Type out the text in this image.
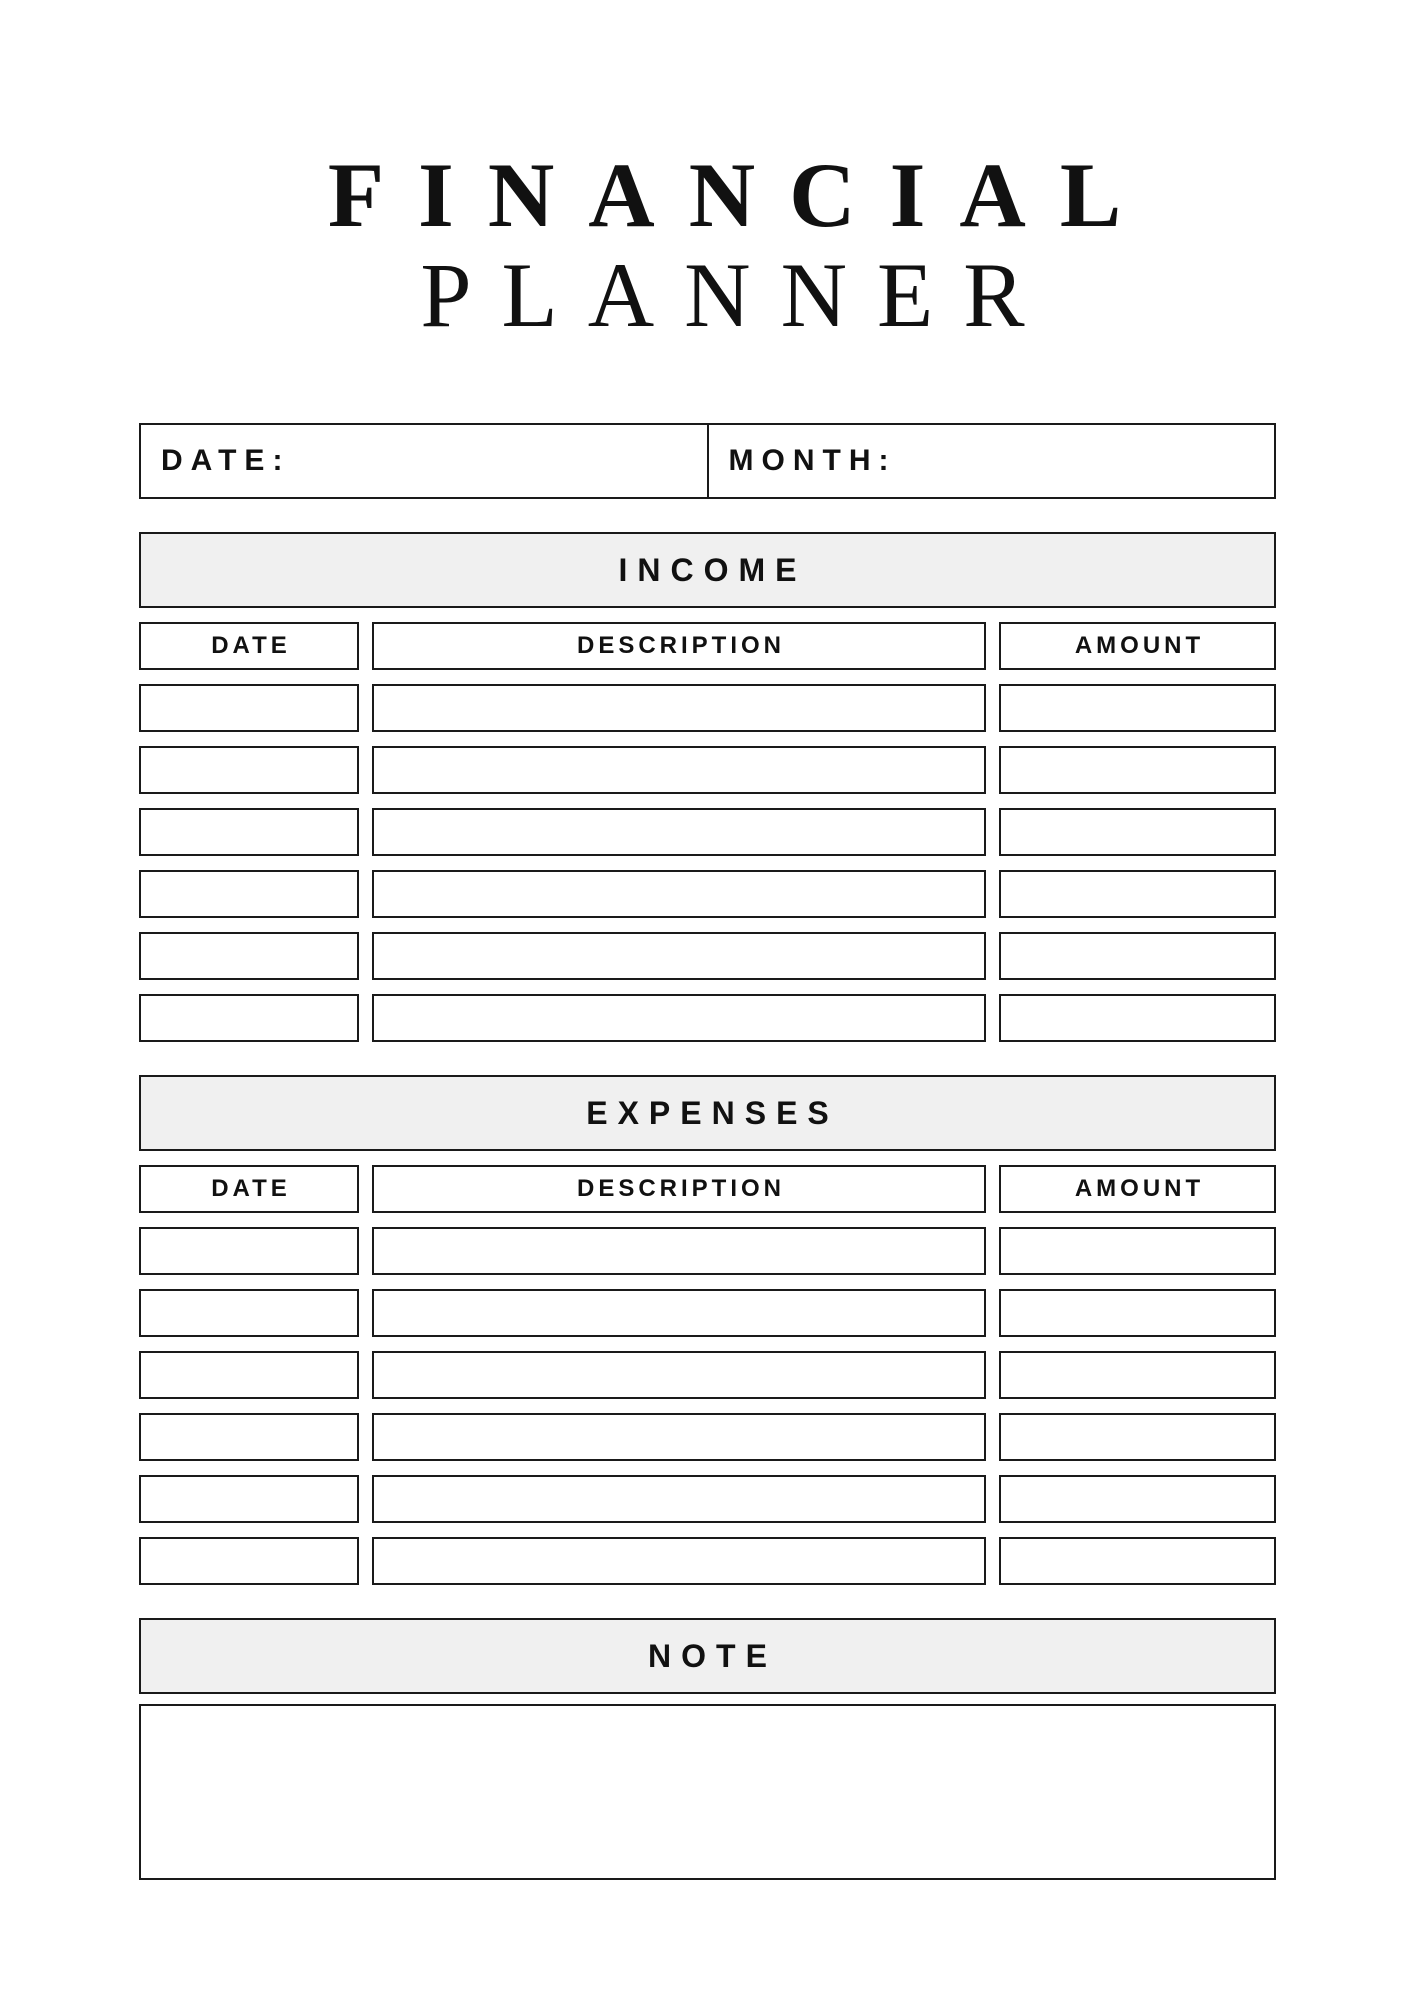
FINANCIAL
PLANNER
DATE:	MONTH:
INCOME
DATE	DESCRIPTION	AMOUNT
EXPENSES
DATE	DESCRIPTION	AMOUNT
NOTE
